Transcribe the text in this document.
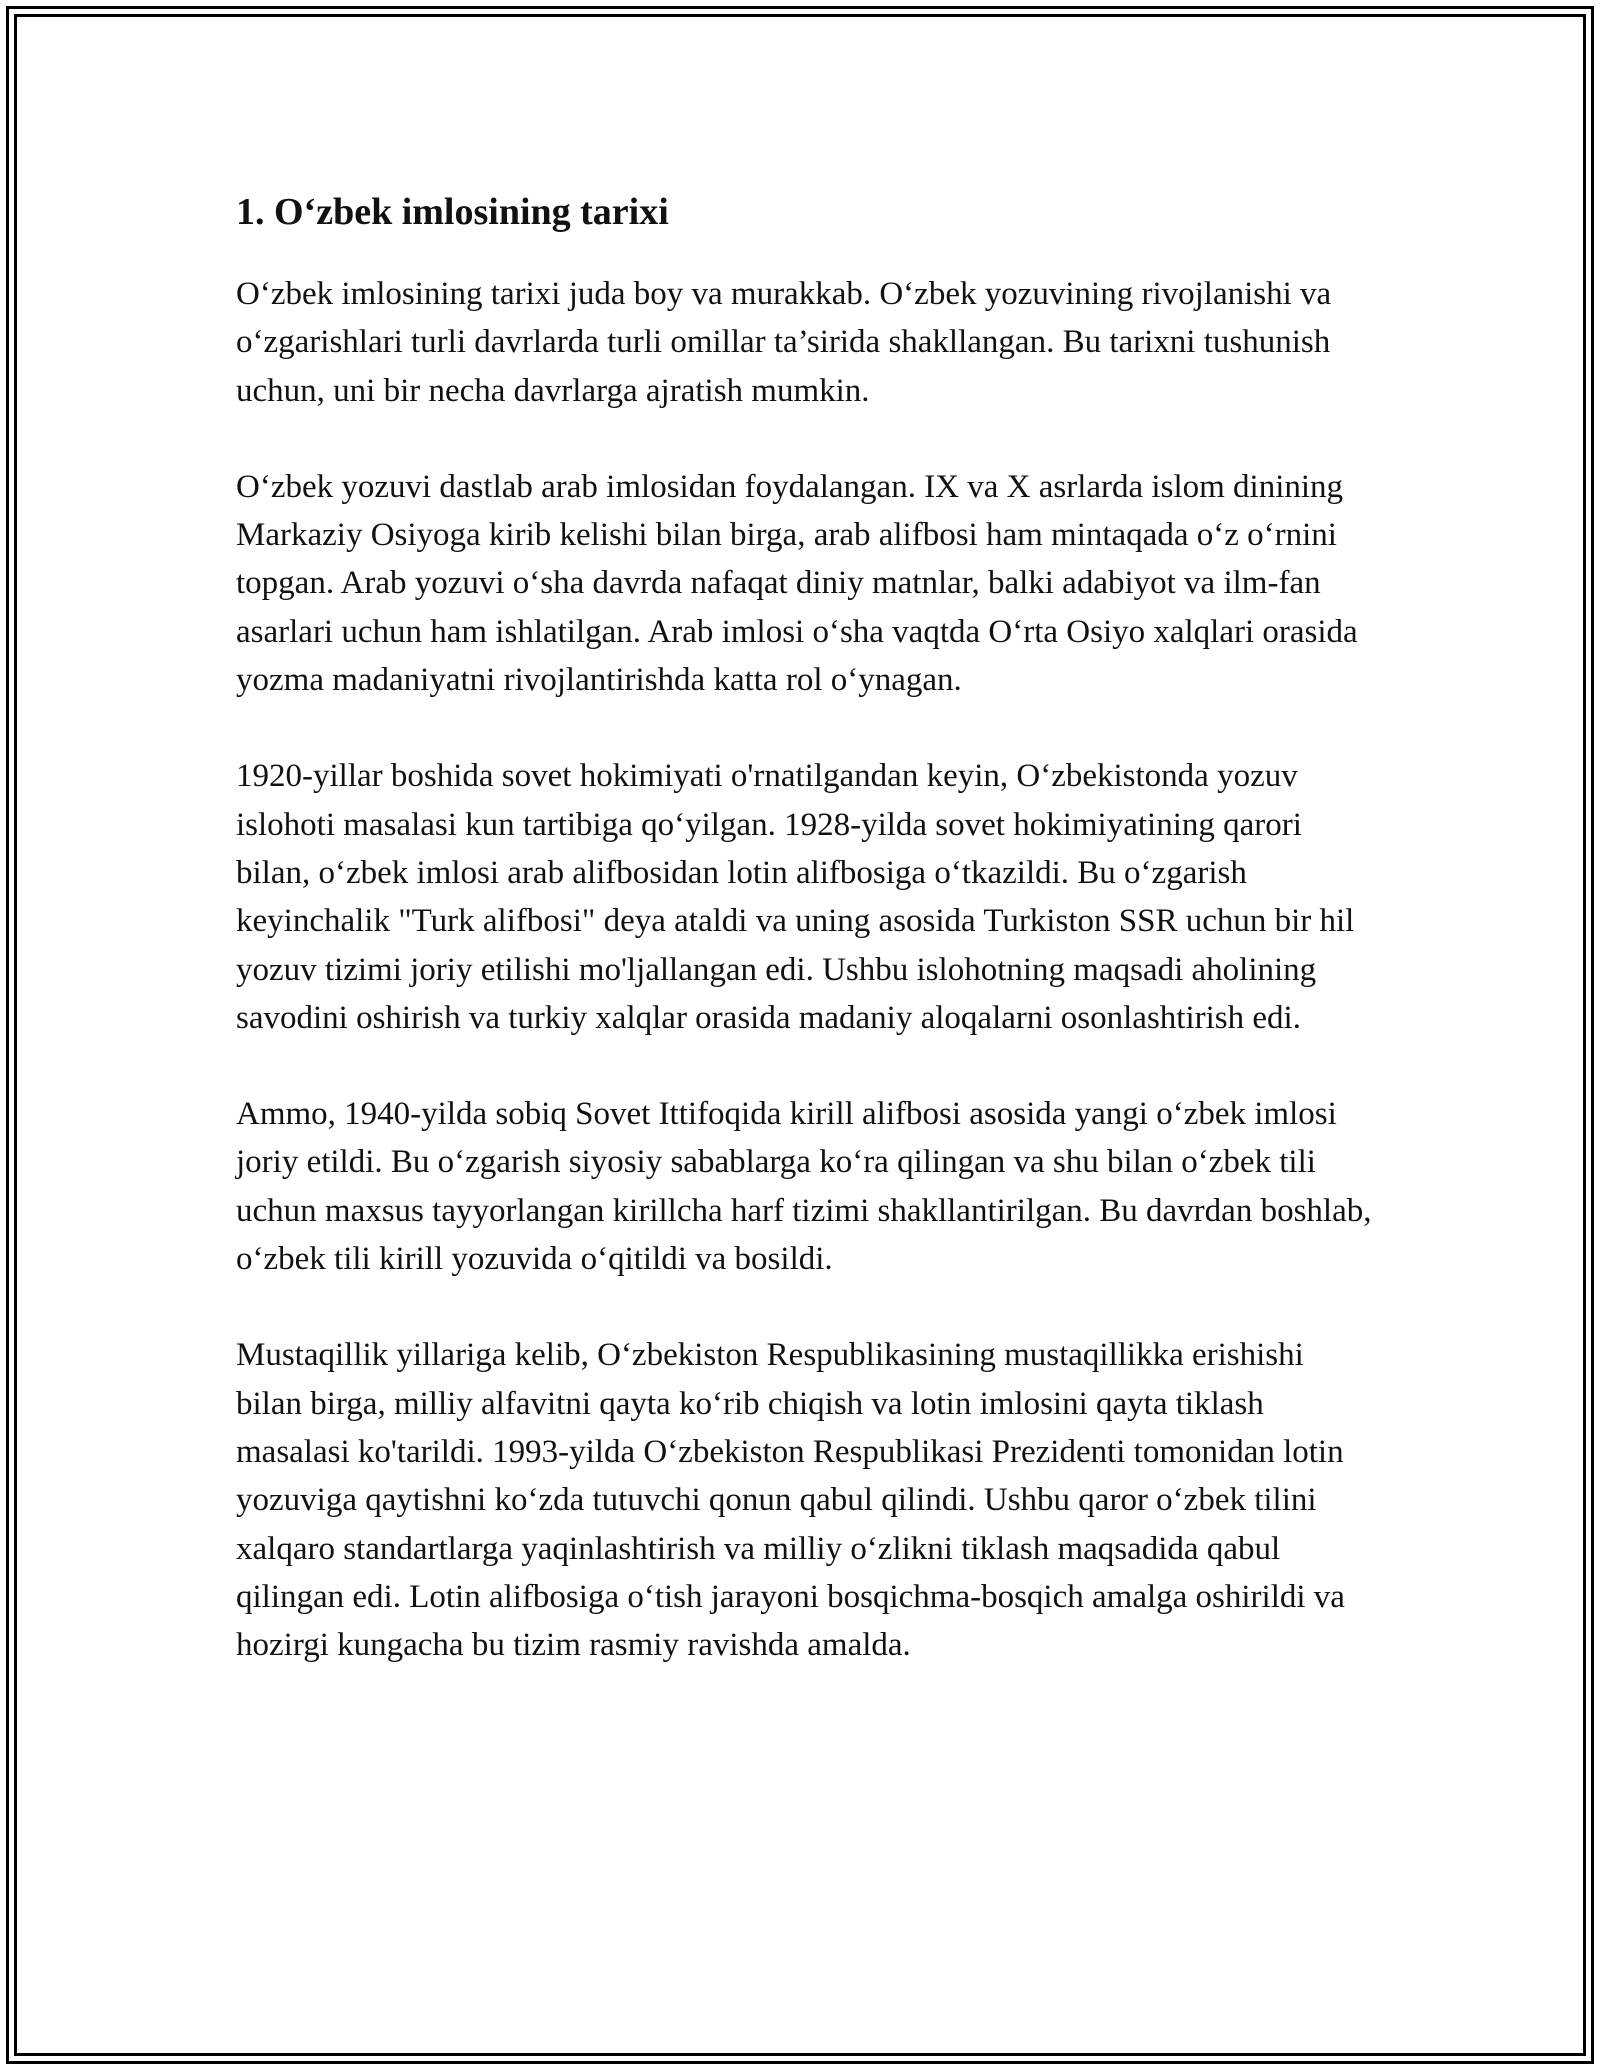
1. O‘zbek imlosining tarixi

O‘zbek imlosining tarixi juda boy va murakkab. O‘zbek yozuvining rivojlanishi va o‘zgarishlari turli davrlarda turli omillar ta’sirida shakllangan. Bu tarixni tushunish uchun, uni bir necha davrlarga ajratish mumkin.

O‘zbek yozuvi dastlab arab imlosidan foydalangan. IX va X asrlarda islom dinining Markaziy Osiyoga kirib kelishi bilan birga, arab alifbosi ham mintaqada o‘z o‘rnini topgan. Arab yozuvi o‘sha davrda nafaqat diniy matnlar, balki adabiyot va ilm-fan asarlari uchun ham ishlatilgan. Arab imlosi o‘sha vaqtda O‘rta Osiyo xalqlari orasida yozma madaniyatni rivojlantirishda katta rol o‘ynagan.

1920-yillar boshida sovet hokimiyati o'rnatilgandan keyin, O‘zbekistonda yozuv islohoti masalasi kun tartibiga qo‘yilgan. 1928-yilda sovet hokimiyatining qarori bilan, o‘zbek imlosi arab alifbosidan lotin alifbosiga o‘tkazildi. Bu o‘zgarish keyinchalik "Turk alifbosi" deya ataldi va uning asosida Turkiston SSR uchun bir hil yozuv tizimi joriy etilishi mo'ljallangan edi. Ushbu islohotning maqsadi aholining savodini oshirish va turkiy xalqlar orasida madaniy aloqalarni osonlashtirish edi.

Ammo, 1940-yilda sobiq Sovet Ittifoqida kirill alifbosi asosida yangi o‘zbek imlosi joriy etildi. Bu o‘zgarish siyosiy sabablarga ko‘ra qilingan va shu bilan o‘zbek tili uchun maxsus tayyorlangan kirillcha harf tizimi shakllantirilgan. Bu davrdan boshlab, o‘zbek tili kirill yozuvida o‘qitildi va bosildi.

Mustaqillik yillariga kelib, O‘zbekiston Respublikasining mustaqillikka erishishi bilan birga, milliy alfavitni qayta ko‘rib chiqish va lotin imlosini qayta tiklash masalasi ko'tarildi. 1993-yilda O‘zbekiston Respublikasi Prezidenti tomonidan lotin yozuviga qaytishni ko‘zda tutuvchi qonun qabul qilindi. Ushbu qaror o‘zbek tilini xalqaro standartlarga yaqinlashtirish va milliy o‘zlikni tiklash maqsadida qabul qilingan edi. Lotin alifbosiga o‘tish jarayoni bosqichma-bosqich amalga oshirildi va hozirgi kungacha bu tizim rasmiy ravishda amalda.
